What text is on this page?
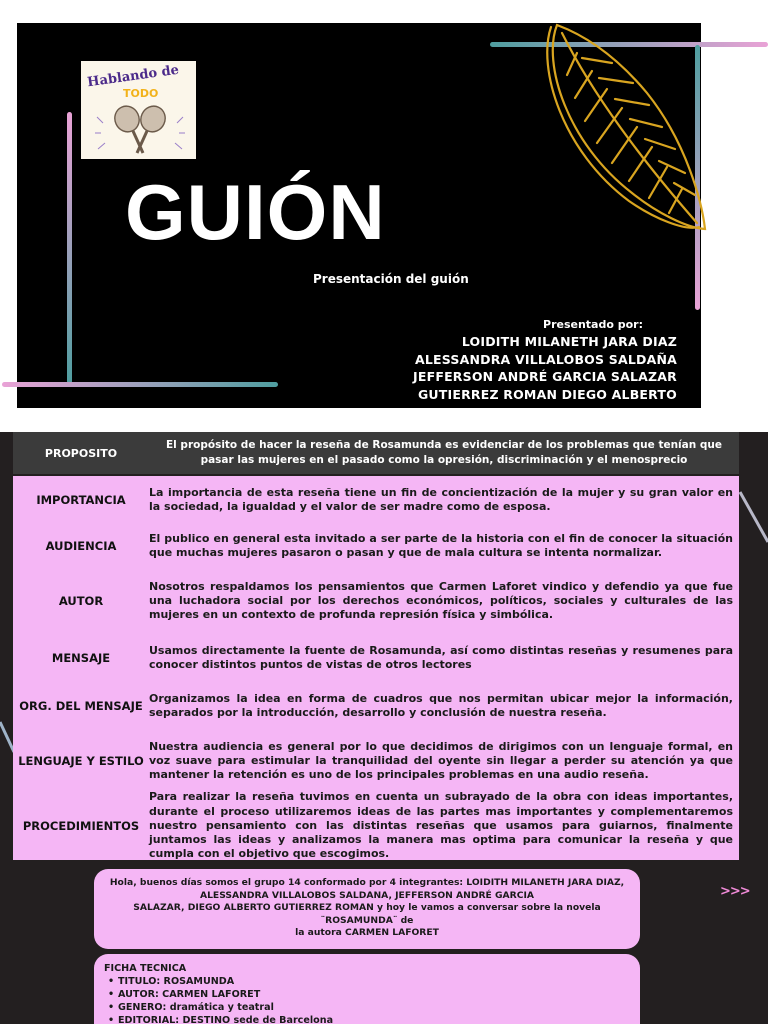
Hablando de
TODO
GUIÓN
Presentación del guión
Presentado por:
LOIDITH MILANETH JARA DIAZ
ALESSANDRA VILLALOBOS SALDAÑA
JEFFERSON ANDRÉ GARCIA SALAZAR
GUTIERREZ ROMAN DIEGO ALBERTO
PROPOSITO
El propósito de hacer la reseña de Rosamunda es evidenciar de los problemas que tenían que pasar las mujeres en el pasado como la opresión, discriminación y el menosprecio
IMPORTANCIA
La importancia de esta reseña tiene un fin de concientización de la mujer y su gran valor en la sociedad, la igualdad y el valor de ser madre como de esposa.
AUDIENCIA
El publico en general esta invitado a ser parte de la historia con el fin de conocer la situación que muchas mujeres pasaron o pasan y que de mala cultura se intenta normalizar.
AUTOR
Nosotros respaldamos los pensamientos que Carmen Laforet vindico y defendio ya que fue una luchadora social por los derechos económicos, políticos, sociales y culturales de las mujeres en un contexto de profunda represión física y simbólica.
MENSAJE
Usamos directamente la fuente de Rosamunda, así como distintas reseñas y resumenes para conocer distintos puntos de vistas de otros lectores
ORG. DEL MENSAJE
Organizamos la idea en forma de cuadros que nos permitan ubicar mejor la información, separados por la introducción, desarrollo y conclusión de nuestra reseña.
LENGUAJE Y ESTILO
Nuestra audiencia es general por lo que decidimos de dirigimos con un lenguaje formal, en voz suave para estimular la tranquilidad del oyente sin llegar a perder su atención ya que mantener la retención es uno de los principales problemas en una audio reseña.
PROCEDIMIENTOS
Para realizar la reseña tuvimos en cuenta un subrayado de la obra con ideas importantes, durante el proceso utilizaremos ideas de las partes mas importantes y complementaremos nuestro pensamiento con las distintas reseñas que usamos para guiarnos, finalmente juntamos las ideas y analizamos la manera mas optima para comunicar la reseña y que cumpla con el objetivo que escogimos.
Hola, buenos días somos el grupo 14 conformado por 4 integrantes: LOIDITH MILANETH JARA DIAZ,
ALESSANDRA VILLALOBOS SALDANA, JEFFERSON ANDRÉ GARCIA
SALAZAR, DIEGO ALBERTO GUTIERREZ ROMAN y hoy le vamos a conversar sobre la novela ¨ROSAMUNDA¨ de
la autora CARMEN LAFORET
>>>
FICHA TECNICA
• TITULO: ROSAMUNDA
• AUTOR: CARMEN LAFORET
• GENERO: dramática y teatral
• EDITORIAL: DESTINO sede de Barcelona
